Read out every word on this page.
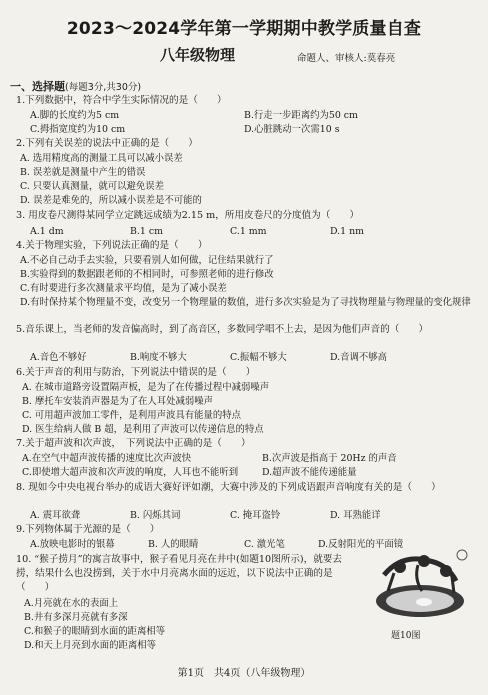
2023～2024学年第一学期期中教学质量自查
八年级物理	命题人、审核人:莫春亮
一、选择题(每题3分,共30分)
1.下列数据中，符合中学生实际情况的是（　　）
A.脚的长度约为5 cm	B.行走一步距离约为50 cm
C.拇指宽度约为10 cm	D.心脏跳动一次需10 s
2.下列有关误差的说法中正确的是（　　）
A. 选用精度高的测量工具可以减小误差
B. 误差就是测量中产生的错误
C. 只要认真测量，就可以避免误差
D. 误差是难免的，所以减小误差是不可能的
3. 用皮卷尺测得某同学立定跳远成绩为2.15 m，所用皮卷尺的分度值为（　　）
A.1 dm	B.1 cm	C.1 mm	D.1 nm
4.关于物理实验，下列说法正确的是（　　）
A.不必自己动手去实验，只要看别人如何做，记住结果就行了
B.实验得到的数据跟老师的不相同时，可参照老师的进行修改
C.有时要进行多次测量求平均值，是为了减小误差
D.有时保持某个物理量不变，改变另一个物理量的数值，进行多次实验是为了寻找物理量与物理量的变化规律
5.音乐课上，当老师的发音偏高时，到了高音区，多数同学唱不上去，是因为他们声音的（　　）
A.音色不够好	B.响度不够大	C.振幅不够大	D.音调不够高
6.关于声音的利用与防治，下列说法中错误的是（　　）
A. 在城市道路旁设置隔声板，是为了在传播过程中减弱噪声
B. 摩托车安装消声器是为了在人耳处减弱噪声
C. 可用超声波加工零件，是利用声波具有能量的特点
D. 医生给病人做 B 超，是利用了声波可以传递信息的特点
7.关于超声波和次声波，　下列说法中正确的是（　　）
A.在空气中超声波传播的速度比次声波快	B.次声波是指高于 20Hz 的声音
C.即使增大超声波和次声波的响度，人耳也不能听到	D.超声波不能传递能量
8. 现如今中央电视台举办的成语大赛好评如潮，大赛中涉及的下列成语跟声音响度有关的是（　　）
A. 震耳欲聋	B. 闪烁其词	C. 掩耳盗铃	D. 耳熟能详
9.下列物体属于光源的是（　　）
A.放映电影时的银幕	B. 人的眼睛	C. 激光笔	D.反射阳光的平面镜
10. “猴子捞月”的寓言故事中，猴子看见月亮在井中(如题10图所示)，就要去捞，结果什么也没捞到，关于水中月亮离水面的远近，以下说法中正确的是（　　）
A.月亮就在水的表面上
B.井有多深月亮就有多深
C.和猴子的眼睛到水面的距离相等
D.和天上月亮到水面的距离相等
题10图
第1页　共4页（八年级物理）
